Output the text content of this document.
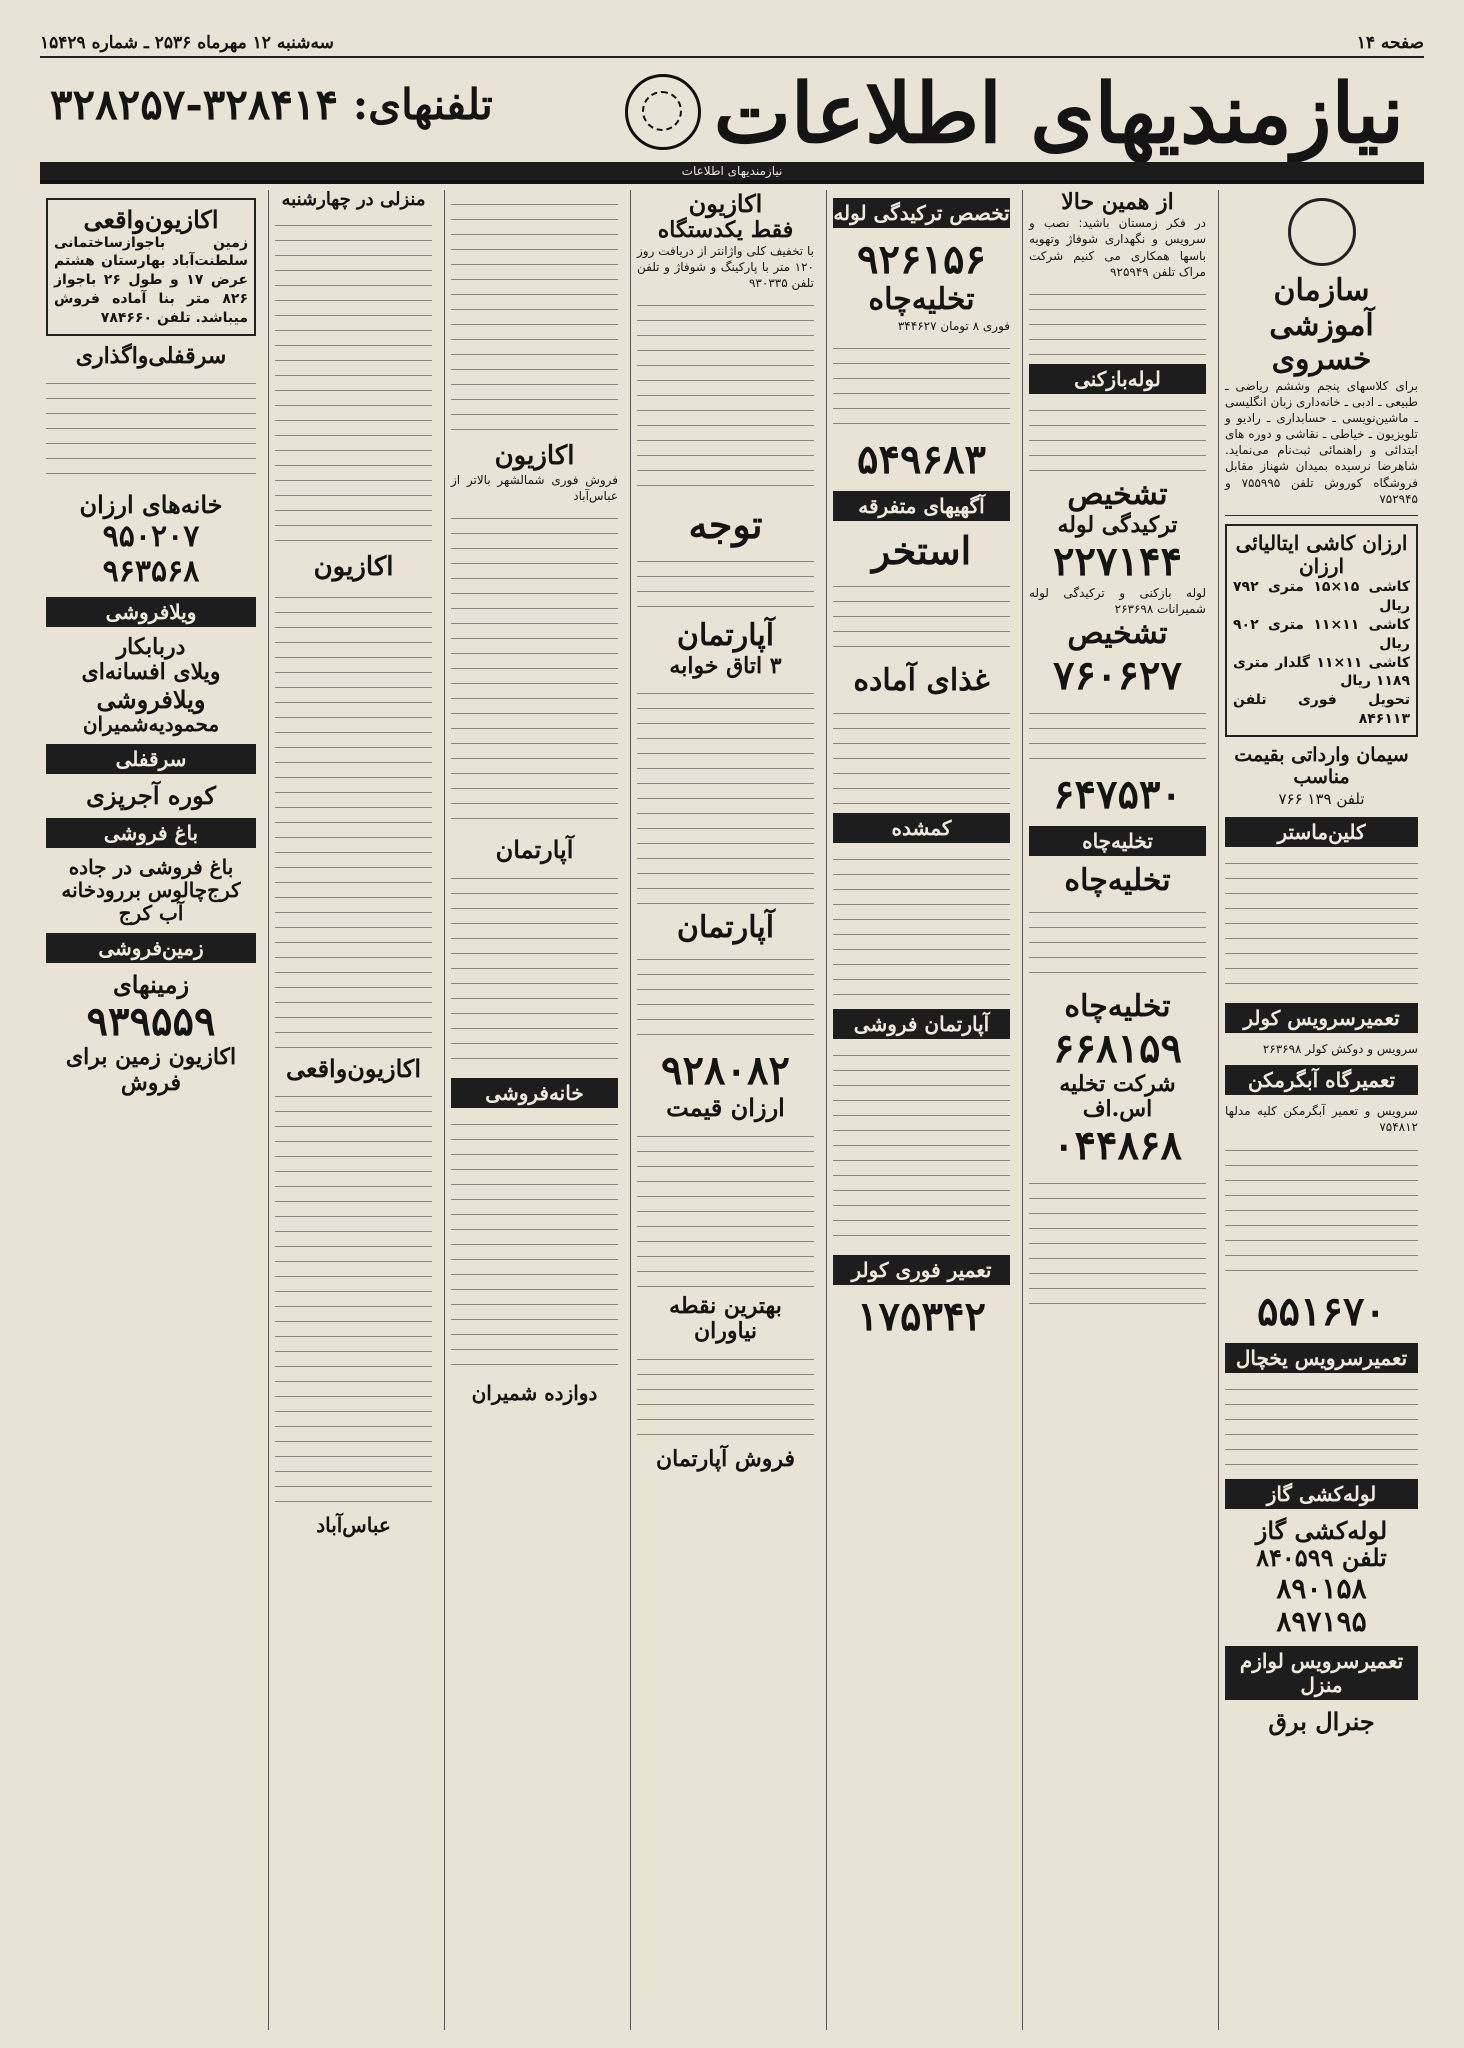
صفحه ۱۴
سه‌شنبه ۱۲ مهرماه ۲۵۳۶ ـ شماره ۱۵۴۲۹
نیازمندیهای اطلاعات
تلفنهای: ۳۲۸۴۱۴-۳۲۸۲۵۷
نیازمندیهای اطلاعات
سازمان آموزشی خسروی
برای کلاسهای پنجم وششم ریاضی ـ طبیعی ـ ادبی ـ خانه‌داری زبان انگلیسی ـ ماشین‌نویسی ـ حسابداری ـ رادیو و تلویزیون ـ خیاطی ـ نقاشی و دوره های ابتدائی و راهنمائی ثبت‌نام می‌نماید. شاهرضا نرسیده بمیدان شهناز مقابل فروشگاه کوروش تلفن ۷۵۵۹۹۵ و ۷۵۲۹۴۵
ارزان کاشی ایتالیائی ارزان
کاشی ۱۵×۱۵ متری ۷۹۲ ریال
کاشی ۱۱×۱۱ متری ۹۰۲ ریال
کاشی ۱۱×۱۱ گلدار متری ۱۱۸۹ ریال
تحویل فوری تلفن ۸۴۶۱۱۳
سیمان وارداتی بقیمت مناسب
تلفن ۱۳۹ ۷۶۶
کلین‌ماستر
تعمیرسرویس کولر
سرویس و دوکش کولر ۲۶۳۶۹۸
تعمیرگاه آبگرمکن
سرویس و تعمیر آبگرمکن کلیه مدلها ۷۵۴۸۱۲
۵۵۱۶۷۰
تعمیرسرویس یخچال
لوله‌کشی گاز
لوله‌کشی گاز
تلفن ۸۴۰۵۹۹
۸۹۰۱۵۸
۸۹۷۱۹۵
تعمیرسرویس لوازم منزل
جنرال برق
از همین حالا
در فکر زمستان باشید: نصب و سرویس و نگهداری شوفاژ وتهویه باسها همکاری می کنیم شرکت مراک تلفن ۹۲۵۹۴۹
لوله‌بازکنی
تشخیص
ترکیدگی لوله
۲۲۷۱۴۴
لوله بازکنی و ترکیدگی لوله شمیرانات ۲۶۳۶۹۸
تشخیص
۷۶۰۶۲۷
۶۴۷۵۳۰
تخلیه‌چاه
تخلیه‌چاه
تخلیه‌چاه
۶۶۸۱۵۹
شرکت تخلیه اس.اف
۰۴۴۸۶۸
تخصص ترکیدگی لوله
۹۲۶۱۵۶
تخلیه‌چاه
فوری ۸ تومان ۳۴۴۶۲۷
۵۴۹۶۸۳
آگهیهای متفرقه
استخر
غذای آماده
کمشده
آپارتمان فروشی
تعمیر فوری کولر
۱۷۵۳۴۲
اکازیون
فقط یکدستگاه
با تخفیف کلی واژانتر از دریافت روز ۱۲۰ متر با پارکینگ و شوفاژ و تلفن تلفن ۹۳۰۳۳۵
توجه
آپارتمان
۳ اتاق خوابه
آپارتمان
۹۲۸۰۸۲
ارزان قیمت
بهترین نقطه نیاوران
فروش آپارتمان
اکازیون
فروش فوری شمالشهر بالاتر از عباس‌آباد
آپارتمان
خانه‌فروشی
دوازده شمیران
منزلی در چهارشنبه
اکازیون
اکازیون‌واقعی
عباس‌آباد
اکازیون‌واقعی
زمین باجوازساختمانی سلطنت‌آباد بهارستان هشتم عرض ۱۷ و طول ۲۶ باجواز ۸۲۶ متر بنا آماده فروش میباشد. تلفن ۷۸۴۶۶۰
سرقفلی‌واگذاری
خانه‌های ارزان
۹۵۰۲۰۷
۹۶۳۵۶۸
ویلافروشی
دربابکار
ویلای افسانه‌ای
ویلافروشی
محمودیه‌شمیران
سرقفلی
کوره آجرپزی
باغ فروشی
باغ فروشی در جاده کرج‌چالوس بررودخانه آب کرج
زمین‌فروشی
زمینهای
۹۳۹۵۵۹
اکازیون زمین برای فروش
